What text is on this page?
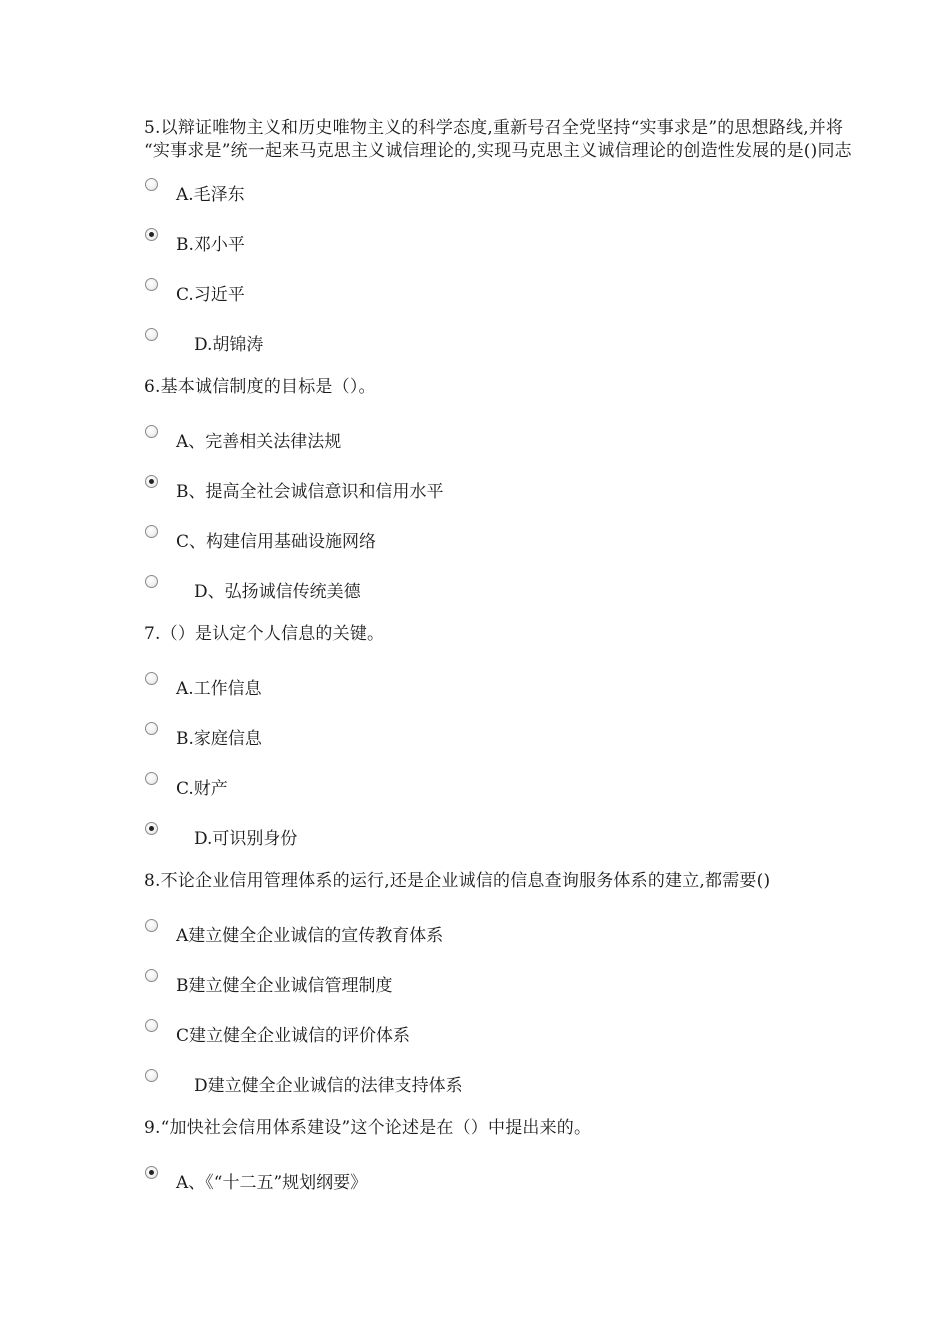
5.以辩证唯物主义和历史唯物主义的科学态度,重新号召全党坚持“实事求是”的思想路线,并将
“实事求是”统一起来马克思主义诚信理论的,实现马克思主义诚信理论的创造性发展的是()同志
A.毛泽东
B.邓小平
C.习近平
D.胡锦涛
6.基本诚信制度的目标是（）。
A、完善相关法律法规
B、提高全社会诚信意识和信用水平
C、构建信用基础设施网络
D、弘扬诚信传统美德
7.（）是认定个人信息的关键。
A.工作信息
B.家庭信息
C.财产
D.可识别身份
8.不论企业信用管理体系的运行,还是企业诚信的信息查询服务体系的建立,都需要()
A建立健全企业诚信的宣传教育体系
B建立健全企业诚信管理制度
C建立健全企业诚信的评价体系
D建立健全企业诚信的法律支持体系
9.“加快社会信用体系建设”这个论述是在（）中提出来的。
A、《“十二五”规划纲要》
